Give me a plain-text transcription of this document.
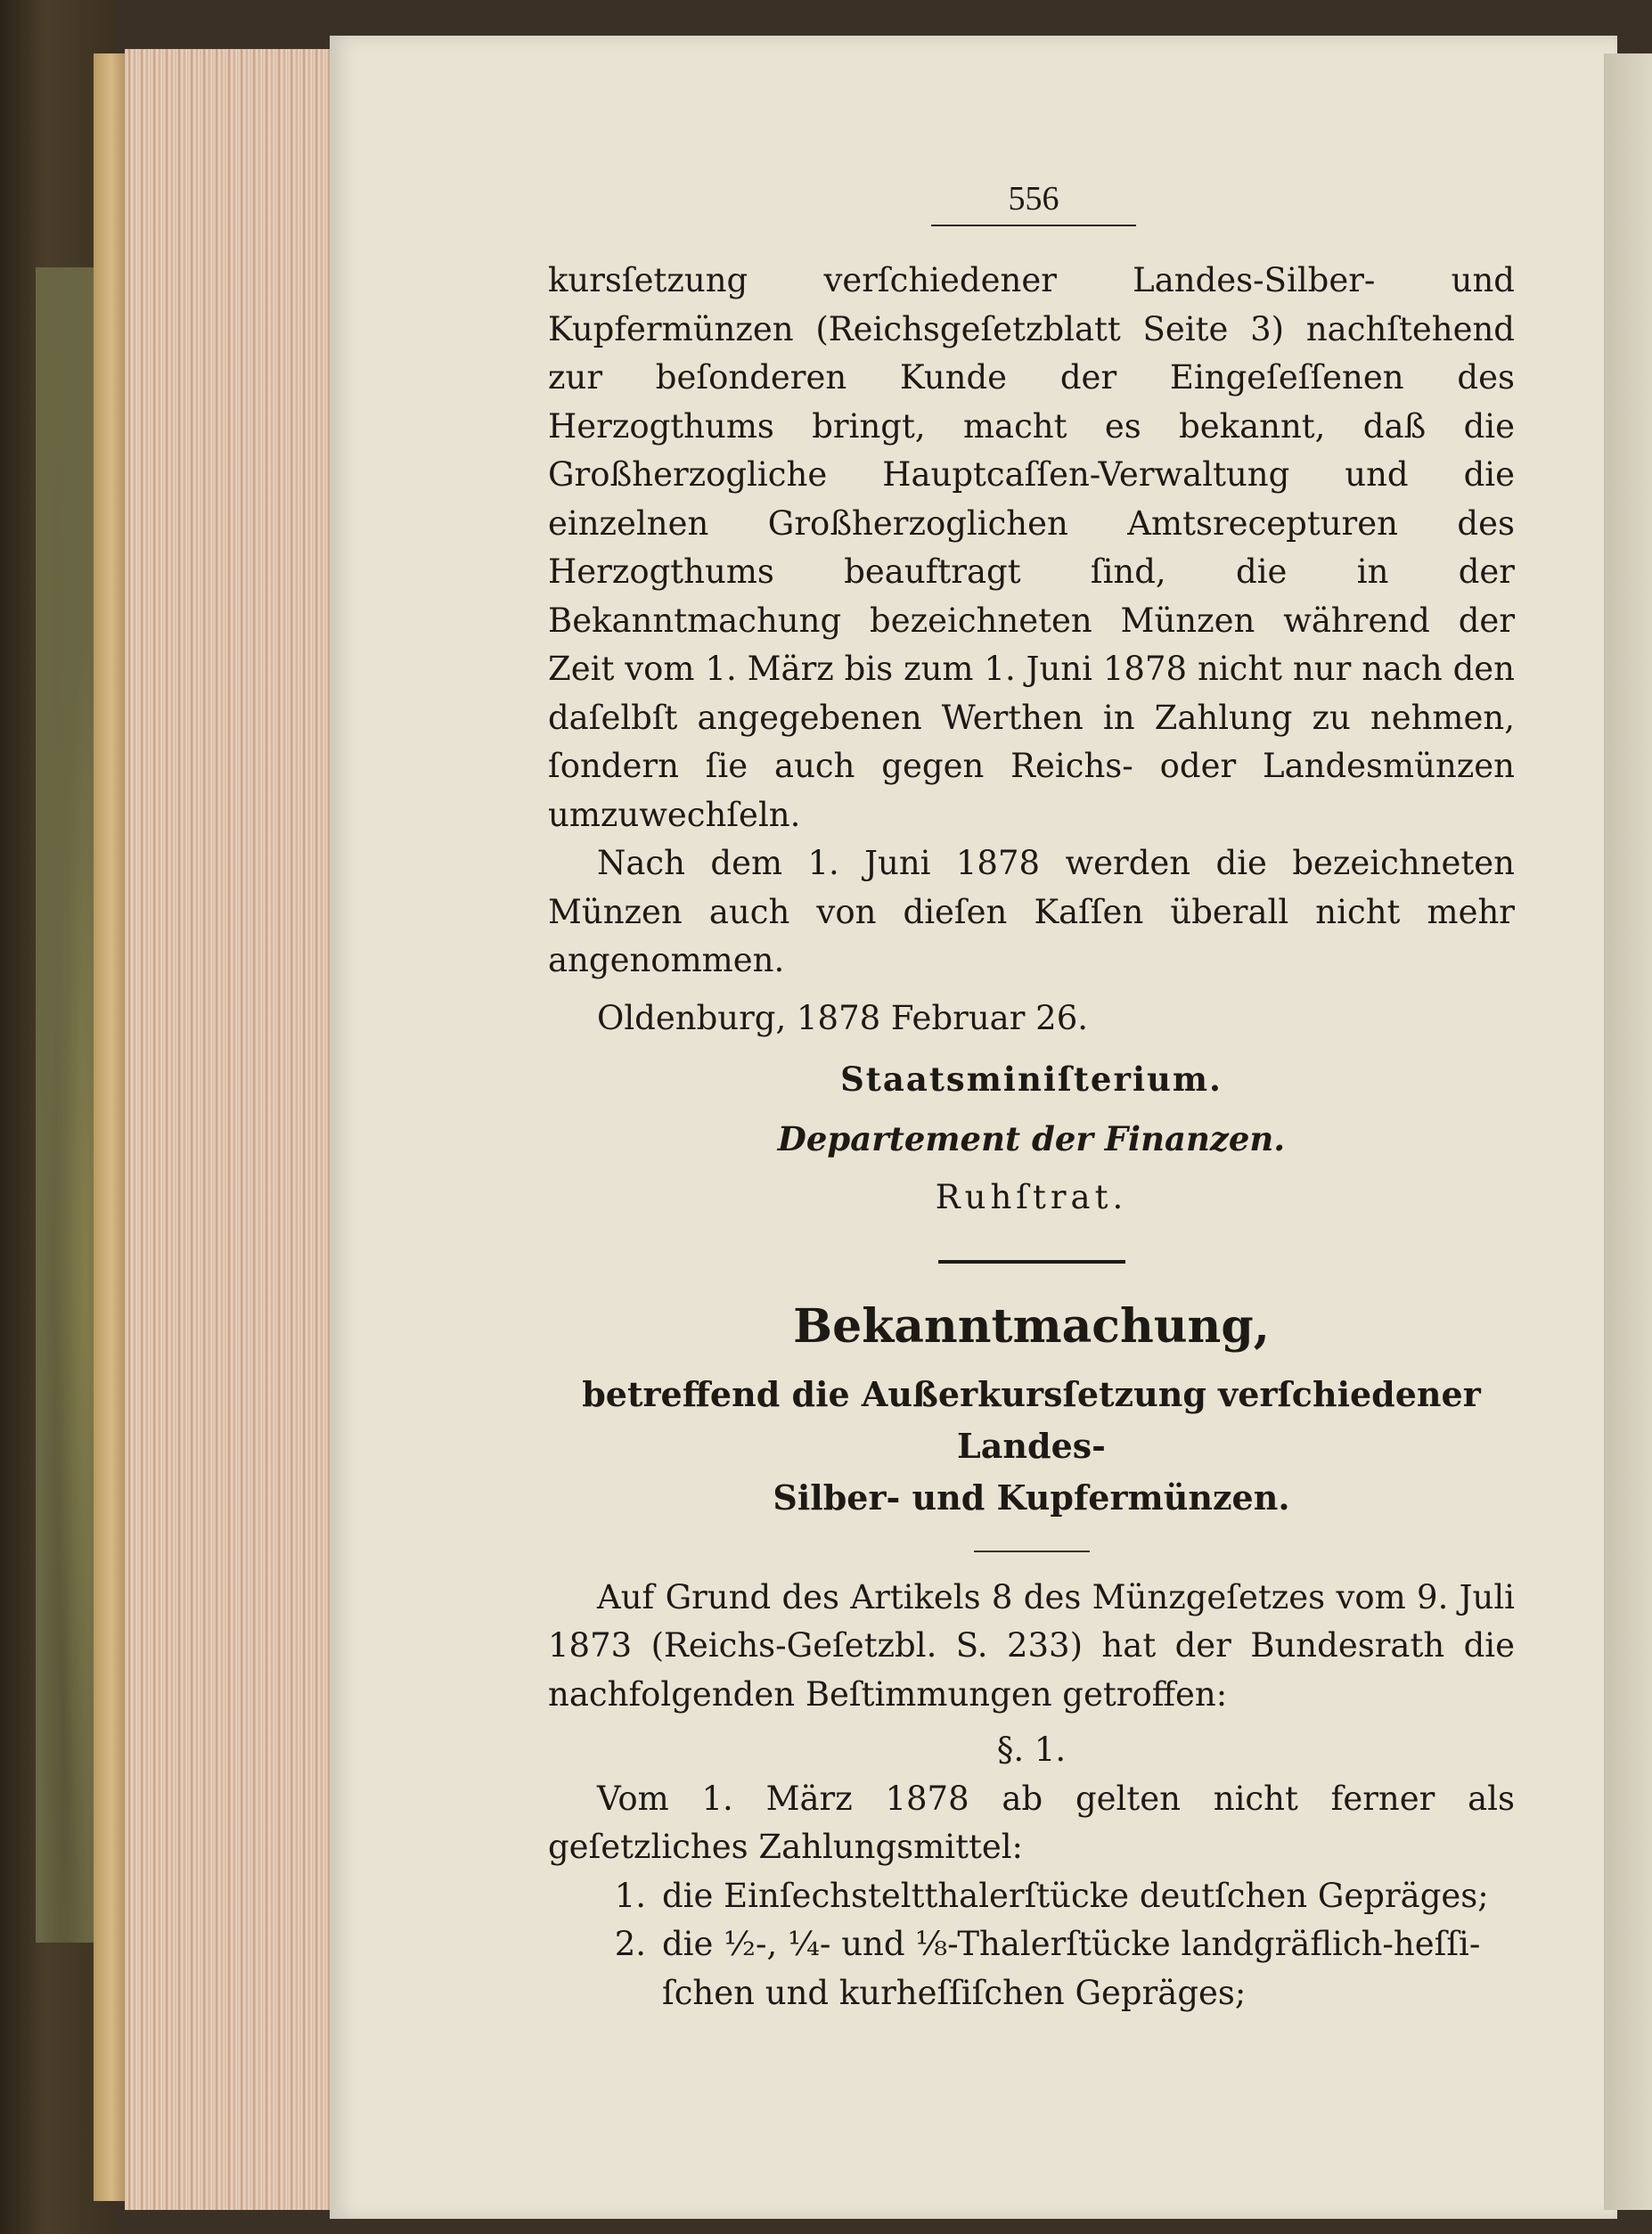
556

kursſetzung verſchiedener Landes-Silber- und Kupfermünzen (Reichsgeſetzblatt Seite 3) nachſtehend zur beſonderen Kunde der Eingeſeſſenen des Herzogthums bringt, macht es bekannt, daß die Großherzogliche Hauptcaſſen-Verwaltung und die einzelnen Großherzoglichen Amtsrecepturen des Herzogthums beauftragt ſind, die in der Bekanntmachung bezeichneten Münzen während der Zeit vom 1. März bis zum 1. Juni 1878 nicht nur nach den daſelbſt angegebenen Werthen in Zahlung zu nehmen, ſondern ſie auch gegen Reichs- oder Landesmünzen umzuwechſeln.

Nach dem 1. Juni 1878 werden die bezeichneten Münzen auch von dieſen Kaſſen überall nicht mehr angenommen.

Oldenburg, 1878 Februar 26.
Staatsminiſterium.
Departement der Finanzen.
Ruhſtrat.
Bekanntmachung,
betreffend die Außerkursſetzung verſchiedener Landes-
Silber- und Kupfermünzen.

Auf Grund des Artikels 8 des Münzgeſetzes vom 9. Juli 1873 (Reichs-Geſetzbl. S. 233) hat der Bundesrath die nachfolgenden Beſtimmungen getroffen:

§. 1.

Vom 1. März 1878 ab gelten nicht ferner als geſetzliches Zahlungsmittel:

1. die Einſechsteltthalerſtücke deutſchen Gepräges;
2. die ½-, ¼- und ⅛-Thalerſtücke landgräflich-heſſi-
ſchen und kurheſſiſchen Gepräges;
